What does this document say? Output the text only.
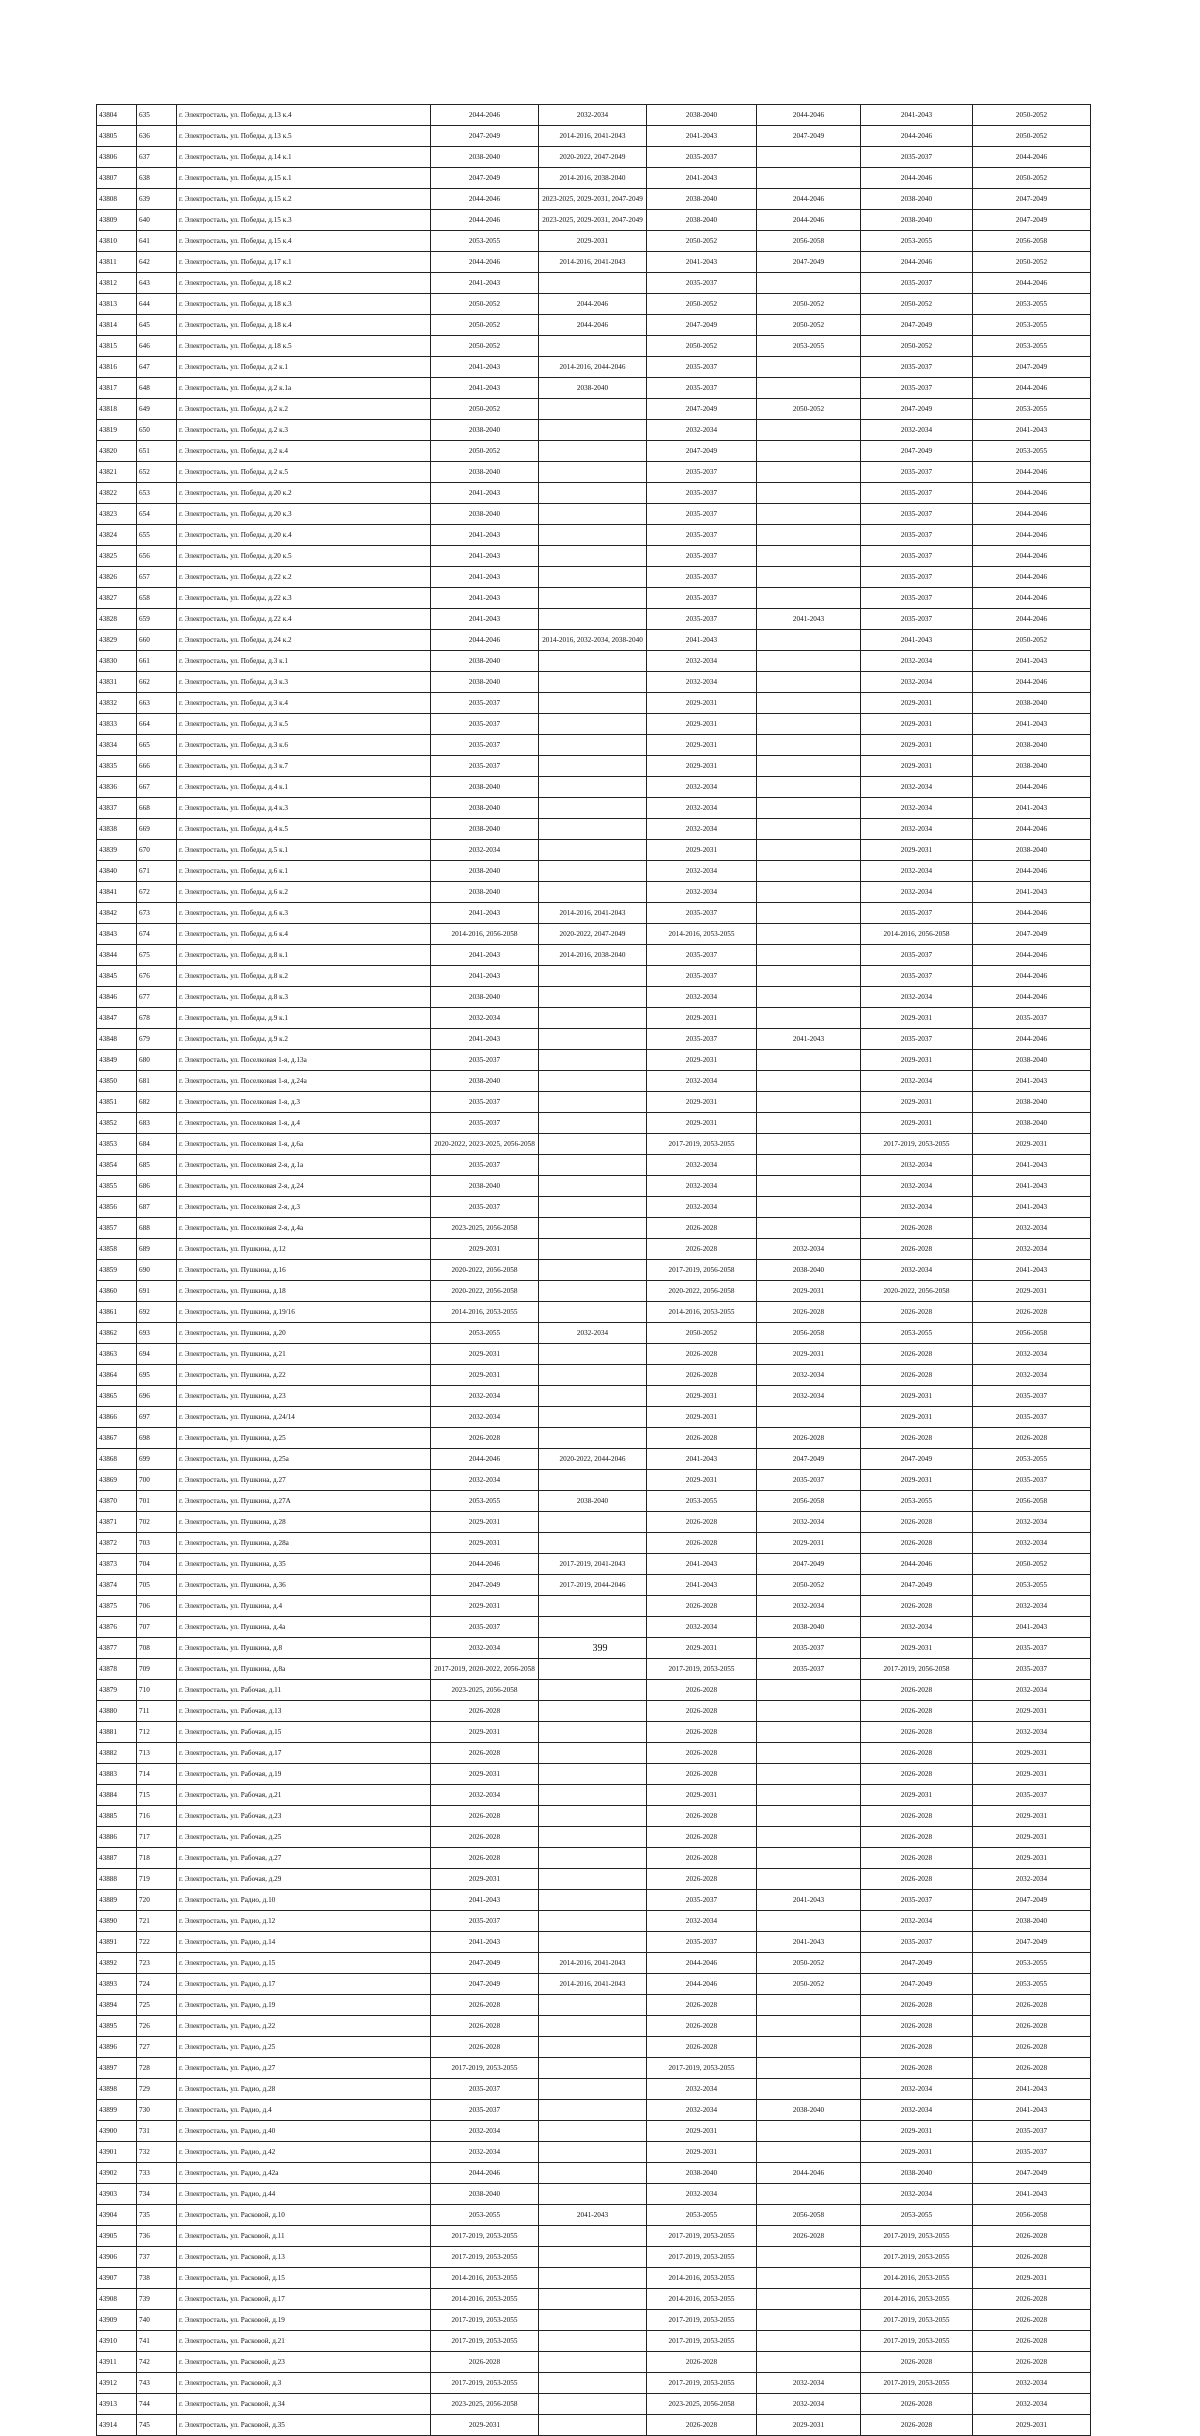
43804	635	г. Электросталь, ул. Победы, д.13 к.4	2044-2046	2032-2034	2038-2040	2044-2046	2041-2043	2050-2052
43805	636	г. Электросталь, ул. Победы, д.13 к.5	2047-2049	2014-2016, 2041-2043	2041-2043	2047-2049	2044-2046	2050-2052
43806	637	г. Электросталь, ул. Победы, д.14 к.1	2038-2040	2020-2022, 2047-2049	2035-2037		2035-2037	2044-2046
43807	638	г. Электросталь, ул. Победы, д.15 к.1	2047-2049	2014-2016, 2038-2040	2041-2043		2044-2046	2050-2052
43808	639	г. Электросталь, ул. Победы, д.15 к.2	2044-2046	2023-2025, 2029-2031, 2047-2049	2038-2040	2044-2046	2038-2040	2047-2049
43809	640	г. Электросталь, ул. Победы, д.15 к.3	2044-2046	2023-2025, 2029-2031, 2047-2049	2038-2040	2044-2046	2038-2040	2047-2049
43810	641	г. Электросталь, ул. Победы, д.15 к.4	2053-2055	2029-2031	2050-2052	2056-2058	2053-2055	2056-2058
43811	642	г. Электросталь, ул. Победы, д.17 к.1	2044-2046	2014-2016, 2041-2043	2041-2043	2047-2049	2044-2046	2050-2052
43812	643	г. Электросталь, ул. Победы, д.18 к.2	2041-2043		2035-2037		2035-2037	2044-2046
43813	644	г. Электросталь, ул. Победы, д.18 к.3	2050-2052	2044-2046	2050-2052	2050-2052	2050-2052	2053-2055
43814	645	г. Электросталь, ул. Победы, д.18 к.4	2050-2052	2044-2046	2047-2049	2050-2052	2047-2049	2053-2055
43815	646	г. Электросталь, ул. Победы, д.18 к.5	2050-2052		2050-2052	2053-2055	2050-2052	2053-2055
43816	647	г. Электросталь, ул. Победы, д.2 к.1	2041-2043	2014-2016, 2044-2046	2035-2037		2035-2037	2047-2049
43817	648	г. Электросталь, ул. Победы, д.2 к.1а	2041-2043	2038-2040	2035-2037		2035-2037	2044-2046
43818	649	г. Электросталь, ул. Победы, д.2 к.2	2050-2052		2047-2049	2050-2052	2047-2049	2053-2055
43819	650	г. Электросталь, ул. Победы, д.2 к.3	2038-2040		2032-2034		2032-2034	2041-2043
43820	651	г. Электросталь, ул. Победы, д.2 к.4	2050-2052		2047-2049		2047-2049	2053-2055
43821	652	г. Электросталь, ул. Победы, д.2 к.5	2038-2040		2035-2037		2035-2037	2044-2046
43822	653	г. Электросталь, ул. Победы, д.20 к.2	2041-2043		2035-2037		2035-2037	2044-2046
43823	654	г. Электросталь, ул. Победы, д.20 к.3	2038-2040		2035-2037		2035-2037	2044-2046
43824	655	г. Электросталь, ул. Победы, д.20 к.4	2041-2043		2035-2037		2035-2037	2044-2046
43825	656	г. Электросталь, ул. Победы, д.20 к.5	2041-2043		2035-2037		2035-2037	2044-2046
43826	657	г. Электросталь, ул. Победы, д.22 к.2	2041-2043		2035-2037		2035-2037	2044-2046
43827	658	г. Электросталь, ул. Победы, д.22 к.3	2041-2043		2035-2037		2035-2037	2044-2046
43828	659	г. Электросталь, ул. Победы, д.22 к.4	2041-2043		2035-2037	2041-2043	2035-2037	2044-2046
43829	660	г. Электросталь, ул. Победы, д.24 к.2	2044-2046	2014-2016, 2032-2034, 2038-2040	2041-2043		2041-2043	2050-2052
43830	661	г. Электросталь, ул. Победы, д.3 к.1	2038-2040		2032-2034		2032-2034	2041-2043
43831	662	г. Электросталь, ул. Победы, д.3 к.3	2038-2040		2032-2034		2032-2034	2044-2046
43832	663	г. Электросталь, ул. Победы, д.3 к.4	2035-2037		2029-2031		2029-2031	2038-2040
43833	664	г. Электросталь, ул. Победы, д.3 к.5	2035-2037		2029-2031		2029-2031	2041-2043
43834	665	г. Электросталь, ул. Победы, д.3 к.6	2035-2037		2029-2031		2029-2031	2038-2040
43835	666	г. Электросталь, ул. Победы, д.3 к.7	2035-2037		2029-2031		2029-2031	2038-2040
43836	667	г. Электросталь, ул. Победы, д.4 к.1	2038-2040		2032-2034		2032-2034	2044-2046
43837	668	г. Электросталь, ул. Победы, д.4 к.3	2038-2040		2032-2034		2032-2034	2041-2043
43838	669	г. Электросталь, ул. Победы, д.4 к.5	2038-2040		2032-2034		2032-2034	2044-2046
43839	670	г. Электросталь, ул. Победы, д.5 к.1	2032-2034		2029-2031		2029-2031	2038-2040
43840	671	г. Электросталь, ул. Победы, д.6 к.1	2038-2040		2032-2034		2032-2034	2044-2046
43841	672	г. Электросталь, ул. Победы, д.6 к.2	2038-2040		2032-2034		2032-2034	2041-2043
43842	673	г. Электросталь, ул. Победы, д.6 к.3	2041-2043	2014-2016, 2041-2043	2035-2037		2035-2037	2044-2046
43843	674	г. Электросталь, ул. Победы, д.6 к.4	2014-2016, 2056-2058	2020-2022, 2047-2049	2014-2016, 2053-2055		2014-2016, 2056-2058	2047-2049
43844	675	г. Электросталь, ул. Победы, д.8 к.1	2041-2043	2014-2016, 2038-2040	2035-2037		2035-2037	2044-2046
43845	676	г. Электросталь, ул. Победы, д.8 к.2	2041-2043		2035-2037		2035-2037	2044-2046
43846	677	г. Электросталь, ул. Победы, д.8 к.3	2038-2040		2032-2034		2032-2034	2044-2046
43847	678	г. Электросталь, ул. Победы, д.9 к.1	2032-2034		2029-2031		2029-2031	2035-2037
43848	679	г. Электросталь, ул. Победы, д.9 к.2	2041-2043		2035-2037	2041-2043	2035-2037	2044-2046
43849	680	г. Электросталь, ул. Поселковая 1-я, д.13а	2035-2037		2029-2031		2029-2031	2038-2040
43850	681	г. Электросталь, ул. Поселковая 1-я, д.24а	2038-2040		2032-2034		2032-2034	2041-2043
43851	682	г. Электросталь, ул. Поселковая 1-я, д.3	2035-2037		2029-2031		2029-2031	2038-2040
43852	683	г. Электросталь, ул. Поселковая 1-я, д.4	2035-2037		2029-2031		2029-2031	2038-2040
43853	684	г. Электросталь, ул. Поселковая 1-я, д.6а	2020-2022, 2023-2025, 2056-2058		2017-2019, 2053-2055		2017-2019, 2053-2055	2029-2031
43854	685	г. Электросталь, ул. Поселковая 2-я, д.1а	2035-2037		2032-2034		2032-2034	2041-2043
43855	686	г. Электросталь, ул. Поселковая 2-я, д.24	2038-2040		2032-2034		2032-2034	2041-2043
43856	687	г. Электросталь, ул. Поселковая 2-я, д.3	2035-2037		2032-2034		2032-2034	2041-2043
43857	688	г. Электросталь, ул. Поселковая 2-я, д.4а	2023-2025, 2056-2058		2026-2028		2026-2028	2032-2034
43858	689	г. Электросталь, ул. Пушкина, д.12	2029-2031		2026-2028	2032-2034	2026-2028	2032-2034
43859	690	г. Электросталь, ул. Пушкина, д.16	2020-2022, 2056-2058		2017-2019, 2056-2058	2038-2040	2032-2034	2041-2043
43860	691	г. Электросталь, ул. Пушкина, д.18	2020-2022, 2056-2058		2020-2022, 2056-2058	2029-2031	2020-2022, 2056-2058	2029-2031
43861	692	г. Электросталь, ул. Пушкина, д.19/16	2014-2016, 2053-2055		2014-2016, 2053-2055	2026-2028	2026-2028	2026-2028
43862	693	г. Электросталь, ул. Пушкина, д.20	2053-2055	2032-2034	2050-2052	2056-2058	2053-2055	2056-2058
43863	694	г. Электросталь, ул. Пушкина, д.21	2029-2031		2026-2028	2029-2031	2026-2028	2032-2034
43864	695	г. Электросталь, ул. Пушкина, д.22	2029-2031		2026-2028	2032-2034	2026-2028	2032-2034
43865	696	г. Электросталь, ул. Пушкина, д.23	2032-2034		2029-2031	2032-2034	2029-2031	2035-2037
43866	697	г. Электросталь, ул. Пушкина, д.24/14	2032-2034		2029-2031		2029-2031	2035-2037
43867	698	г. Электросталь, ул. Пушкина, д.25	2026-2028		2026-2028	2026-2028	2026-2028	2026-2028
43868	699	г. Электросталь, ул. Пушкина, д.25а	2044-2046	2020-2022, 2044-2046	2041-2043	2047-2049	2047-2049	2053-2055
43869	700	г. Электросталь, ул. Пушкина, д.27	2032-2034		2029-2031	2035-2037	2029-2031	2035-2037
43870	701	г. Электросталь, ул. Пушкина, д.27А	2053-2055	2038-2040	2053-2055	2056-2058	2053-2055	2056-2058
43871	702	г. Электросталь, ул. Пушкина, д.28	2029-2031		2026-2028	2032-2034	2026-2028	2032-2034
43872	703	г. Электросталь, ул. Пушкина, д.28а	2029-2031		2026-2028	2029-2031	2026-2028	2032-2034
43873	704	г. Электросталь, ул. Пушкина, д.35	2044-2046	2017-2019, 2041-2043	2041-2043	2047-2049	2044-2046	2050-2052
43874	705	г. Электросталь, ул. Пушкина, д.36	2047-2049	2017-2019, 2044-2046	2041-2043	2050-2052	2047-2049	2053-2055
43875	706	г. Электросталь, ул. Пушкина, д.4	2029-2031		2026-2028	2032-2034	2026-2028	2032-2034
43876	707	г. Электросталь, ул. Пушкина, д.4а	2035-2037		2032-2034	2038-2040	2032-2034	2041-2043
43877	708	г. Электросталь, ул. Пушкина, д.8	2032-2034		2029-2031	2035-2037	2029-2031	2035-2037
43878	709	г. Электросталь, ул. Пушкина, д.8а	2017-2019, 2020-2022, 2056-2058		2017-2019, 2053-2055	2035-2037	2017-2019, 2056-2058	2035-2037
43879	710	г. Электросталь, ул. Рабочая, д.11	2023-2025, 2056-2058		2026-2028		2026-2028	2032-2034
43880	711	г. Электросталь, ул. Рабочая, д.13	2026-2028		2026-2028		2026-2028	2029-2031
43881	712	г. Электросталь, ул. Рабочая, д.15	2029-2031		2026-2028		2026-2028	2032-2034
43882	713	г. Электросталь, ул. Рабочая, д.17	2026-2028		2026-2028		2026-2028	2029-2031
43883	714	г. Электросталь, ул. Рабочая, д.19	2029-2031		2026-2028		2026-2028	2029-2031
43884	715	г. Электросталь, ул. Рабочая, д.21	2032-2034		2029-2031		2029-2031	2035-2037
43885	716	г. Электросталь, ул. Рабочая, д.23	2026-2028		2026-2028		2026-2028	2029-2031
43886	717	г. Электросталь, ул. Рабочая, д.25	2026-2028		2026-2028		2026-2028	2029-2031
43887	718	г. Электросталь, ул. Рабочая, д.27	2026-2028		2026-2028		2026-2028	2029-2031
43888	719	г. Электросталь, ул. Рабочая, д.29	2029-2031		2026-2028		2026-2028	2032-2034
43889	720	г. Электросталь, ул. Радио, д.10	2041-2043		2035-2037	2041-2043	2035-2037	2047-2049
43890	721	г. Электросталь, ул. Радио, д.12	2035-2037		2032-2034		2032-2034	2038-2040
43891	722	г. Электросталь, ул. Радио, д.14	2041-2043		2035-2037	2041-2043	2035-2037	2047-2049
43892	723	г. Электросталь, ул. Радио, д.15	2047-2049	2014-2016, 2041-2043	2044-2046	2050-2052	2047-2049	2053-2055
43893	724	г. Электросталь, ул. Радио, д.17	2047-2049	2014-2016, 2041-2043	2044-2046	2050-2052	2047-2049	2053-2055
43894	725	г. Электросталь, ул. Радио, д.19	2026-2028		2026-2028		2026-2028	2026-2028
43895	726	г. Электросталь, ул. Радио, д.22	2026-2028		2026-2028		2026-2028	2026-2028
43896	727	г. Электросталь, ул. Радио, д.25	2026-2028		2026-2028		2026-2028	2026-2028
43897	728	г. Электросталь, ул. Радио, д.27	2017-2019, 2053-2055		2017-2019, 2053-2055		2026-2028	2026-2028
43898	729	г. Электросталь, ул. Радио, д.28	2035-2037		2032-2034		2032-2034	2041-2043
43899	730	г. Электросталь, ул. Радио, д.4	2035-2037		2032-2034	2038-2040	2032-2034	2041-2043
43900	731	г. Электросталь, ул. Радио, д.40	2032-2034		2029-2031		2029-2031	2035-2037
43901	732	г. Электросталь, ул. Радио, д.42	2032-2034		2029-2031		2029-2031	2035-2037
43902	733	г. Электросталь, ул. Радио, д.42а	2044-2046		2038-2040	2044-2046	2038-2040	2047-2049
43903	734	г. Электросталь, ул. Радио, д.44	2038-2040		2032-2034		2032-2034	2041-2043
43904	735	г. Электросталь, ул. Расковой, д.10	2053-2055	2041-2043	2053-2055	2056-2058	2053-2055	2056-2058
43905	736	г. Электросталь, ул. Расковой, д.11	2017-2019, 2053-2055		2017-2019, 2053-2055	2026-2028	2017-2019, 2053-2055	2026-2028
43906	737	г. Электросталь, ул. Расковой, д.13	2017-2019, 2053-2055		2017-2019, 2053-2055		2017-2019, 2053-2055	2026-2028
43907	738	г. Электросталь, ул. Расковой, д.15	2014-2016, 2053-2055		2014-2016, 2053-2055		2014-2016, 2053-2055	2029-2031
43908	739	г. Электросталь, ул. Расковой, д.17	2014-2016, 2053-2055		2014-2016, 2053-2055		2014-2016, 2053-2055	2026-2028
43909	740	г. Электросталь, ул. Расковой, д.19	2017-2019, 2053-2055		2017-2019, 2053-2055		2017-2019, 2053-2055	2026-2028
43910	741	г. Электросталь, ул. Расковой, д.21	2017-2019, 2053-2055		2017-2019, 2053-2055		2017-2019, 2053-2055	2026-2028
43911	742	г. Электросталь, ул. Расковой, д.23	2026-2028		2026-2028		2026-2028	2026-2028
43912	743	г. Электросталь, ул. Расковой, д.3	2017-2019, 2053-2055		2017-2019, 2053-2055	2032-2034	2017-2019, 2053-2055	2032-2034
43913	744	г. Электросталь, ул. Расковой, д.34	2023-2025, 2056-2058		2023-2025, 2056-2058	2032-2034	2026-2028	2032-2034
43914	745	г. Электросталь, ул. Расковой, д.35	2029-2031		2026-2028	2029-2031	2026-2028	2029-2031
399
